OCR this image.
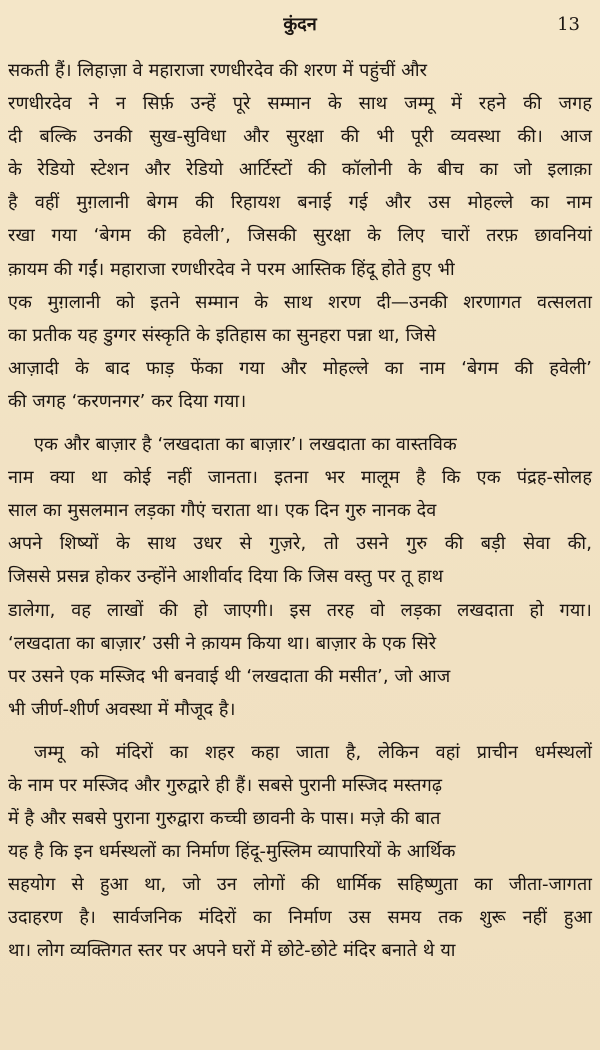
कुंदन	13
सकती हैं। लिहाज़ा वे महाराजा रणधीरदेव की शरण में पहुंचीं और
रणधीरदेव ने न सिर्फ़ उन्हें पूरे सम्मान के साथ जम्मू में रहने की जगह
दी बल्कि उनकी सुख-सुविधा और सुरक्षा की भी पूरी व्यवस्था की। आज
के रेडियो स्टेशन और रेडियो आर्टिस्टों की कॉलोनी के बीच का जो इलाक़ा
है वहीं मुग़लानी बेगम की रिहायश बनाई गई और उस मोहल्ले का नाम
रखा गया ‘बेगम की हवेली’, जिसकी सुरक्षा के लिए चारों तरफ़ छावनियां
क़ायम की गईं। महाराजा रणधीरदेव ने परम आस्तिक हिंदू होते हुए भी
एक मुग़लानी को इतने सम्मान के साथ शरण दी—उनकी शरणागत वत्सलता
का प्रतीक यह डुग्गर संस्कृति के इतिहास का सुनहरा पन्ना था, जिसे
आज़ादी के बाद फाड़ फेंका गया और मोहल्ले का नाम ‘बेगम की हवेली’
की जगह ‘करणनगर’ कर दिया गया।
एक और बाज़ार है ‘लखदाता का बाज़ार’। लखदाता का वास्तविक
नाम क्या था कोई नहीं जानता। इतना भर मालूम है कि एक पंद्रह-सोलह
साल का मुसलमान लड़का गौएं चराता था। एक दिन गुरु नानक देव
अपने शिष्यों के साथ उधर से गुज़रे, तो उसने गुरु की बड़ी सेवा की,
जिससे प्रसन्न होकर उन्होंने आशीर्वाद दिया कि जिस वस्तु पर तू हाथ
डालेगा, वह लाखों की हो जाएगी। इस तरह वो लड़का लखदाता हो गया।
‘लखदाता का बाज़ार’ उसी ने क़ायम किया था। बाज़ार के एक सिरे
पर उसने एक मस्जिद भी बनवाई थी ‘लखदाता की मसीत’, जो आज
भी जीर्ण-शीर्ण अवस्था में मौजूद है।
जम्मू को मंदिरों का शहर कहा जाता है, लेकिन वहां प्राचीन धर्मस्थलों
के नाम पर मस्जिद और गुरुद्वारे ही हैं। सबसे पुरानी मस्जिद मस्तगढ़
में है और सबसे पुराना गुरुद्वारा कच्ची छावनी के पास। मज़े की बात
यह है कि इन धर्मस्थलों का निर्माण हिंदू-मुस्लिम व्यापारियों के आर्थिक
सहयोग से हुआ था, जो उन लोगों की धार्मिक सहिष्णुता का जीता-जागता
उदाहरण है। सार्वजनिक मंदिरों का निर्माण उस समय तक शुरू नहीं हुआ
था। लोग व्यक्तिगत स्तर पर अपने घरों में छोटे-छोटे मंदिर बनाते थे या
